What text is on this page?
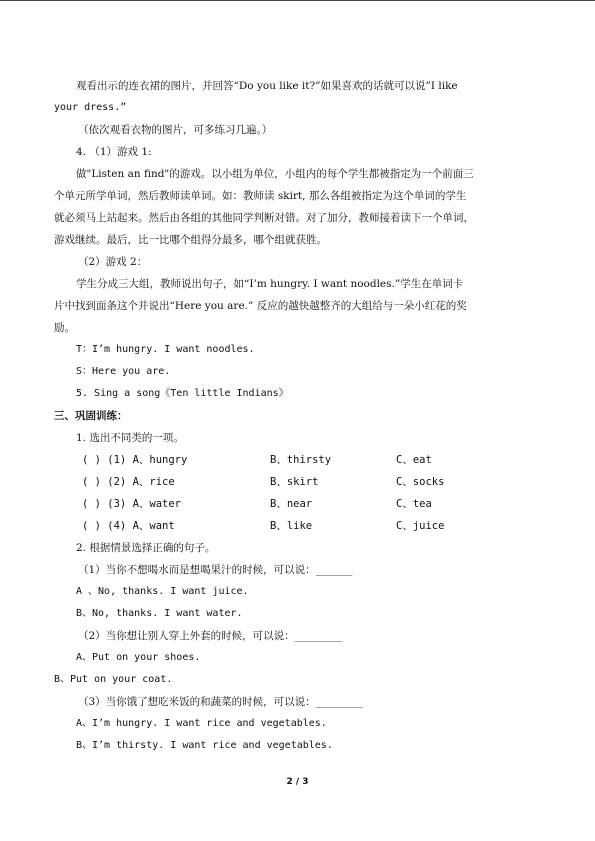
观看出示的连衣裙的图片，并回答“Do you like it?”如果喜欢的话就可以说”I like
your dress.”
（依次观看衣物的图片，可多练习几遍。）
4. （1）游戏 1:
做"Listen an find"的游戏。以小组为单位，小组内的每个学生都被指定为一个前面三
个单元所学单词，然后教师读单词。如：教师读 skirt, 那么各组被指定为这个单词的学生
就必须马上站起来。然后由各组的其他同学判断对错。对了加分，教师接着读下一个单词，
游戏继续。最后，比一比哪个组得分最多，哪个组就获胜。
（2）游戏 2：
学生分成三大组，教师说出句子，如“I’m hungry. I want noodles.”学生在单词卡
片中找到面条这个并说出“Here you are.” 反应的越快越整齐的大组给与一朵小红花的奖
励。
T：I’m hungry. I want noodles.
S：Here you are.
5. Sing a song《Ten little Indians》
三、巩固训练：
1. 选出不同类的一项。
( ) (1) A、hungry	B、thirsty	C、eat
( ) (2) A、rice	B、skirt	C、socks
( ) (3) A、water	B、near	C、tea
( ) (4) A、want	B、like	C、juice
2. 根据情景选择正确的句子。
（1）当你不想喝水而是想喝果汁的时候，可以说：_______
A 、No, thanks. I want juice.
B、No, thanks. I want water.
（2）当你想让别人穿上外套的时候，可以说：_________
A、Put on your shoes.
B、Put on your coat.
（3）当你饿了想吃米饭的和蔬菜的时候，可以说：_________
A、I’m hungry. I want rice and vegetables.
B、I’m thirsty. I want rice and vegetables.
2 / 3
